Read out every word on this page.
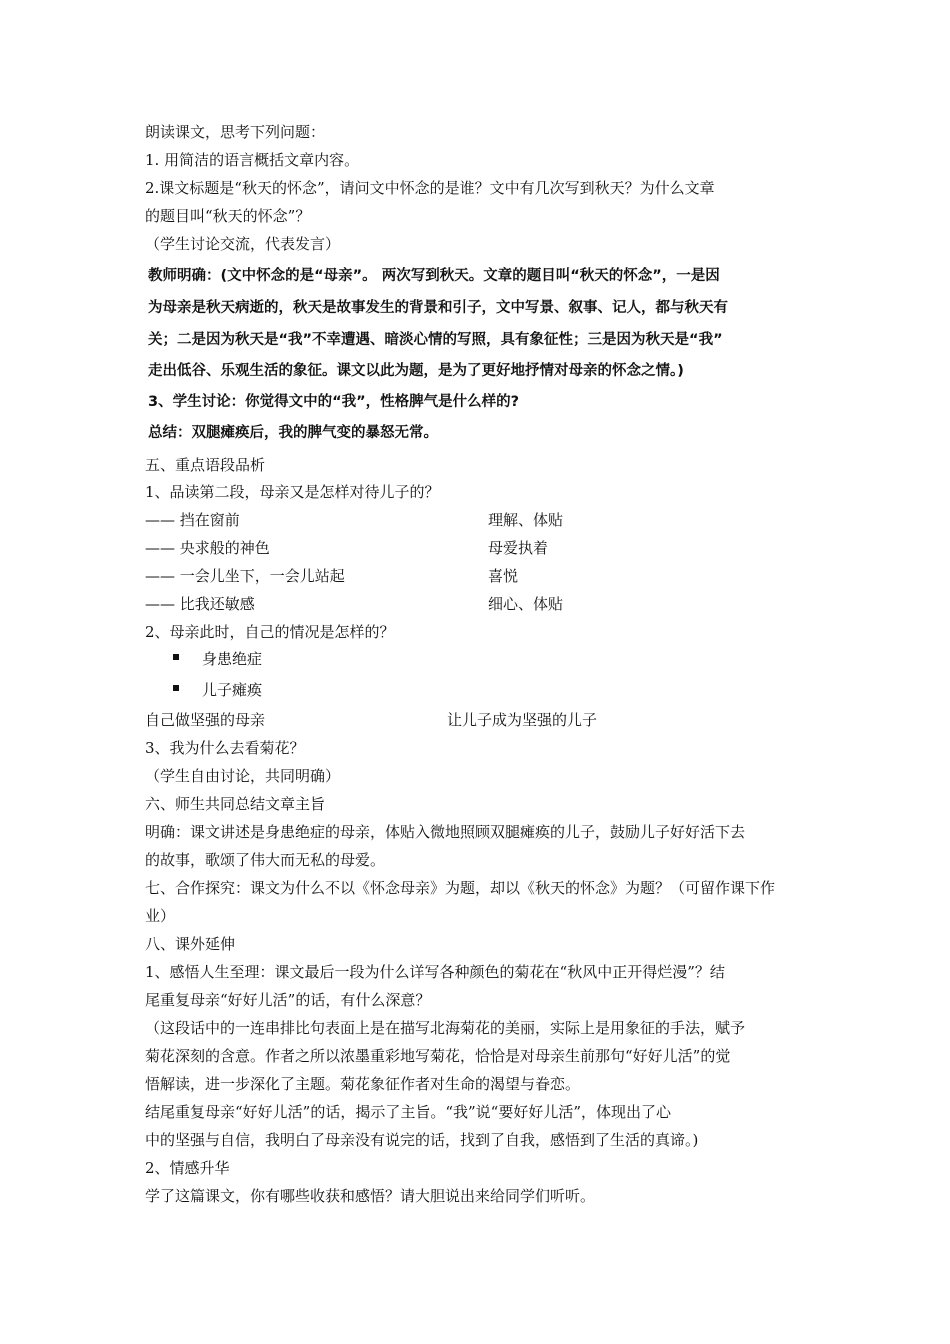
朗读课文，思考下列问题：
1. 用简洁的语言概括文章内容。
2.课文标题是“秋天的怀念”，请问文中怀念的是谁？文中有几次写到秋天？为什么文章
的题目叫“秋天的怀念”？
（学生讨论交流，代表发言）
教师明确：(文中怀念的是“母亲”。 两次写到秋天。文章的题目叫“秋天的怀念”，一是因
为母亲是秋天病逝的，秋天是故事发生的背景和引子，文中写景、叙事、记人，都与秋天有
关；二是因为秋天是“我”不幸遭遇、暗淡心情的写照，具有象征性；三是因为秋天是“我”
走出低谷、乐观生活的象征。课文以此为题，是为了更好地抒情对母亲的怀念之情。)
3、学生讨论：你觉得文中的“我”，性格脾气是什么样的?
总结：双腿瘫痪后，我的脾气变的暴怒无常。
五、重点语段品析
1、品读第二段，母亲又是怎样对待儿子的？
—— 挡在窗前	理解、体贴
—— 央求般的神色	母爱执着
—— 一会儿坐下，一会儿站起	喜悦
—— 比我还敏感	细心、体贴
2、母亲此时，自己的情况是怎样的？
身患绝症
儿子瘫痪
自己做坚强的母亲	让儿子成为坚强的儿子
3、我为什么去看菊花？
（学生自由讨论，共同明确）
六、师生共同总结文章主旨
明确：课文讲述是身患绝症的母亲，体贴入微地照顾双腿瘫痪的儿子，鼓励儿子好好活下去
的故事，歌颂了伟大而无私的母爱。
七、合作探究：课文为什么不以《怀念母亲》为题，却以《秋天的怀念》为题？（可留作课下作
业）
八、课外延伸
1、感悟人生至理：课文最后一段为什么详写各种颜色的菊花在“秋风中正开得烂漫”？结
尾重复母亲“好好儿活”的话，有什么深意？
（这段话中的一连串排比句表面上是在描写北海菊花的美丽，实际上是用象征的手法，赋予
菊花深刻的含意。作者之所以浓墨重彩地写菊花，恰恰是对母亲生前那句“好好儿活”的觉
悟解读，进一步深化了主题。菊花象征作者对生命的渴望与眷恋。
结尾重复母亲“好好儿活”的话，揭示了主旨。“我”说“要好好儿活”，体现出了心
中的坚强与自信，我明白了母亲没有说完的话，找到了自我，感悟到了生活的真谛。)
2、情感升华
学了这篇课文，你有哪些收获和感悟？请大胆说出来给同学们听听。
